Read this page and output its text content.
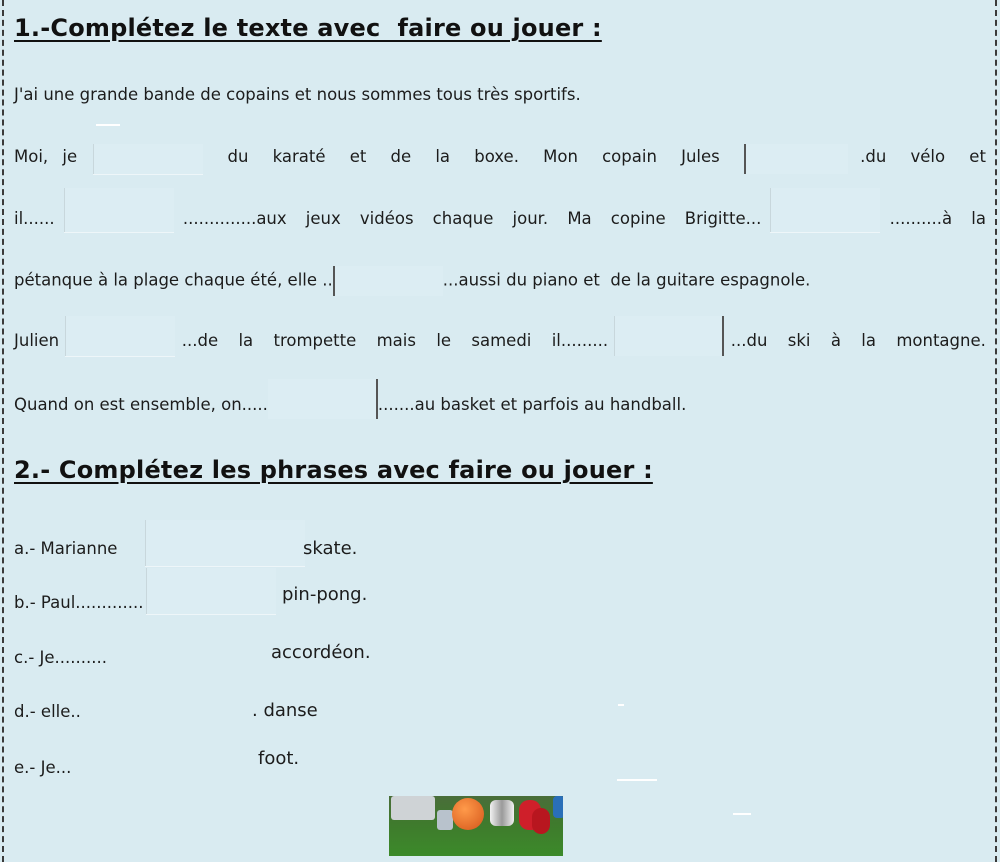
1.-Complétez le texte avec  faire ou jouer :
J'ai une grande bande de copains et nous sommes tous très sportifs.
Moi, je	du karaté et de la boxe. Mon copain Jules	.du vélo et
il......	..............aux jeux vidéos chaque jour. Ma copine Brigitte...	..........à la
pétanque à la plage chaque été, elle ..	...aussi du piano et  de la guitare espagnole.
Julien	...de la trompette mais le samedi il.........	...du ski à la montagne.
Quand on est ensemble, on.....	.......au basket et parfois au handball.
2.- Complétez les phrases avec faire ou jouer :
a.- Marianne	skate.
b.- Paul.............	pin-pong.
c.- Je..........	accordéon.
d.- elle..	. danse
e.- Je...	foot.
